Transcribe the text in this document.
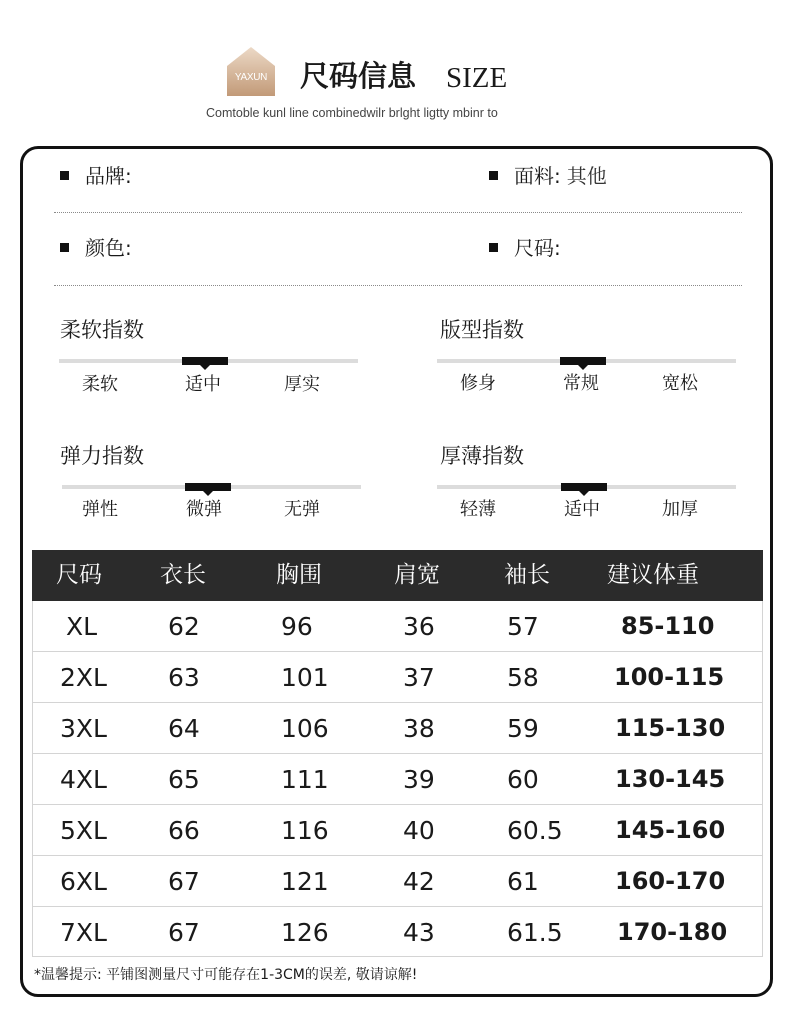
YAXUN	尺码信息 SIZE
Comtoble kunl line combinedwilr brlght ligtty mbinr to
品牌:	面料: 其他
颜色:	尺码:
柔软指数
柔软	适中	厚实
版型指数
修身	常规	宽松
弹力指数
弹性	微弹	无弹
厚薄指数
轻薄	适中	加厚
尺码	衣长	胸围	肩宽	袖长 建议体重
XL	62	96	36	57	85-110
2XL 63	101	37	58	100-115
3XL 64	106	38	59	115-130
4XL 65	111	39	60	130-145
5XL 66	116	40	60.5 145-160
6XL 67	121	42	61	160-170
7XL 67	126	43	61.5 170-180
*温馨提示: 平铺图测量尺寸可能存在1-3CM的误差, 敬请谅解!
